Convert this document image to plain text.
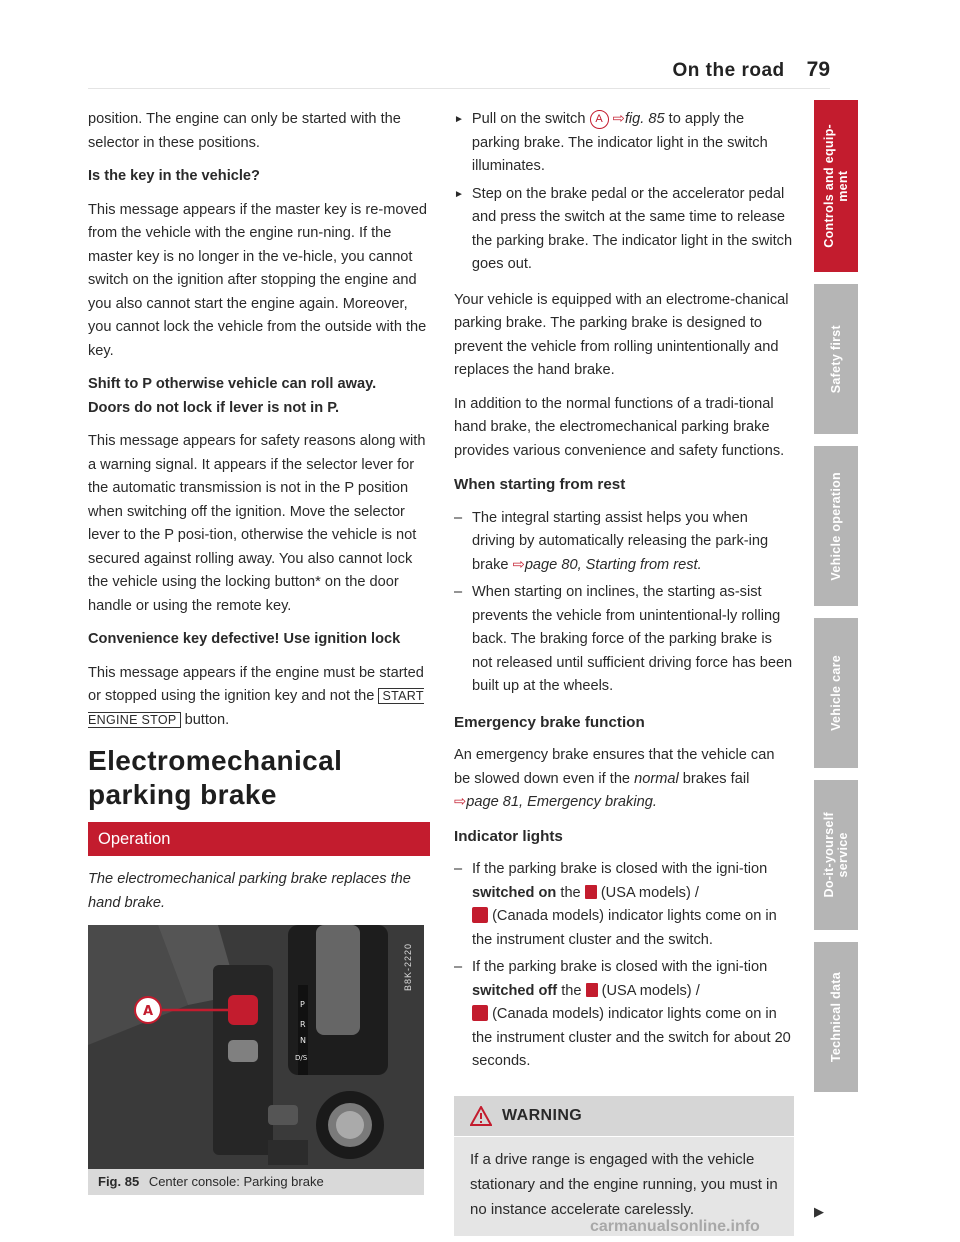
On the road 79

position. The engine can only be started with the selector in these positions.

Is the key in the vehicle?

This message appears if the master key is re-moved from the vehicle with the engine run-ning. If the master key is no longer in the ve-hicle, you cannot switch on the ignition after stopping the engine and you also cannot start the engine again. Moreover, you cannot lock the vehicle from the outside with the key.

Shift to P otherwise vehicle can roll away.

Doors do not lock if lever is not in P.

This message appears for safety reasons along with a warning signal. It appears if the selector lever for the automatic transmission is not in the P position when switching off the ignition. Move the selector lever to the P posi-tion, otherwise the vehicle is not secured against rolling away. You also cannot lock the vehicle using the locking button* on the door handle or using the remote key.

Convenience key defective! Use ignition lock

This message appears if the engine must be started or stopped using the ignition key and not the START ENGINE STOP button.

Electromechanical parking brake
Operation

The electromechanical parking brake replaces the hand brake.

P
R
N
D/S
A
B8K-2220
Fig. 85 Center console: Parking brake
► Pull on the switch A ⇨fig. 85 to apply the parking brake. The indicator light in the switch illuminates.
► Step on the brake pedal or the accelerator pedal and press the switch at the same time to release the parking brake. The indicator light in the switch goes out.

Your vehicle is equipped with an electrome-chanical parking brake. The parking brake is designed to prevent the vehicle from rolling unintentionally and replaces the hand brake.

In addition to the normal functions of a tradi-tional hand brake, the electromechanical parking brake provides various convenience and safety functions.

When starting from rest
– The integral starting assist helps you when driving by automatically releasing the park-ing brake ⇨page 80, Starting from rest.
– When starting on inclines, the starting as-sist prevents the vehicle from unintentional-ly rolling back. The braking force of the parking brake is not released until sufficient driving force has been built up at the wheels.
Emergency brake function

An emergency brake ensures that the vehicle can be slowed down even if the normal brakes fail ⇨page 81, Emergency braking.

Indicator lights
– If the parking brake is closed with the igni-tion switched on the (USA models) /
(Canada models) indicator lights come on in the instrument cluster and the switch.
– If the parking brake is closed with the igni-tion switched off the (USA models) /
(Canada models) indicator lights come on in the instrument cluster and the switch for about 20 seconds.
WARNING

If a drive range is engaged with the vehicle stationary and the engine running, you must in no instance accelerate carelessly.	▶
Controls and equip-
ment
Safety first
Vehicle operation
Vehicle care
Do-it-yourself
service
Technical data
carmanualsonline.info
